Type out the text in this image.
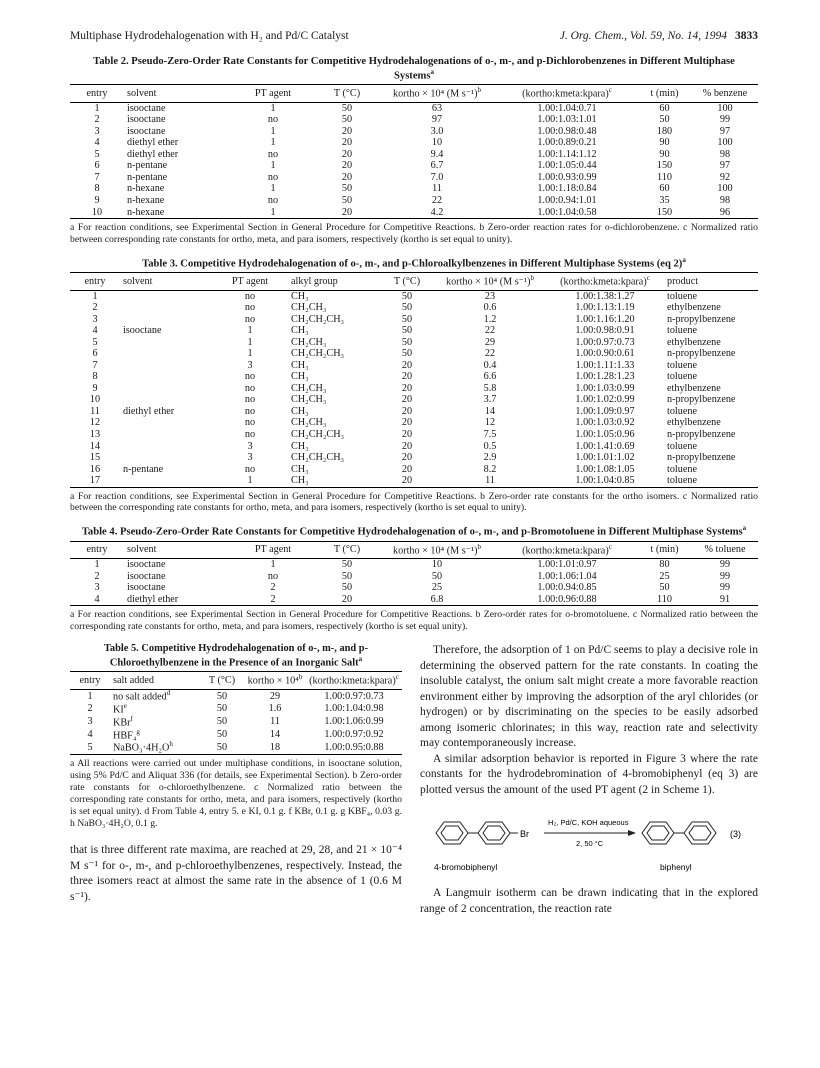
Multiphase Hydrodehalogenation with H₂ and Pd/C Catalyst	J. Org. Chem., Vol. 59, No. 14, 1994 3833
Table 2. Pseudo-Zero-Order Rate Constants for Competitive Hydrodehalogenations of o-, m-, and p-Dichlorobenzenes in Different Multiphase Systems$^a$
entry	solvent	PT agent	T (°C)	kortho × 10⁴ (M s⁻¹)$^b$	(kortho:kmeta:kpara)$^c$	t (min)	% benzene
1	isooctane	1	50	63	1.00:1.04:0.71	60	100
2	isooctane	no	50	97	1.00:1.03:1.01	50	99
3	isooctane	1	20	3.0	1.00:0.98:0.48	180	97
4	diethyl ether	1	20	10	1.00:0.89:0.21	90	100
5	diethyl ether	no	20	9.4	1.00:1.14:1.12	90	98
6	n-pentane	1	20	6.7	1.00:1.05:0.44	150	97
7	n-pentane	no	20	7.0	1.00:0.93:0.99	110	92
8	n-hexane	1	50	11	1.00:1.18:0.84	60	100
9	n-hexane	no	50	22	1.00:0.94:1.01	35	98
10	n-hexane	1	20	4.2	1.00:1.04:0.58	150	96
a For reaction conditions, see Experimental Section in General Procedure for Competitive Reactions. b Zero-order reaction rates for o-dichlorobenzene. c Normalized ratio between corresponding rate constants for ortho, meta, and para isomers, respectively (kortho is set equal to unity).
Table 3. Competitive Hydrodehalogenation of o-, m-, and p-Chloroalkylbenzenes in Different Multiphase Systems (eq 2)$^a$
entry	solvent	PT agent	alkyl group	T (°C)	kortho × 10⁴ (M s⁻¹)$^b$	(kortho:kmeta:kpara)$^c$	product
1		no	CH₃	50	23	1.00:1.38:1.27	toluene
2		no	CH₂CH₃	50	0.6	1.00:1.13:1.19	ethylbenzene
3		no	CH₂CH₂CH₃	50	1.2	1.00:1.16:1.20	n-propylbenzene
4	isooctane	1	CH₃	50	22	1.00:0.98:0.91	toluene
5		1	CH₂CH₃	50	29	1.00:0.97:0.73	ethylbenzene
6		1	CH₂CH₂CH₃	50	22	1.00:0.90:0.61	n-propylbenzene
7		3	CH₃	20	0.4	1.00:1.11:1.33	toluene
8		no	CH₃	20	6.6	1.00:1.28:1.23	toluene
9		no	CH₂CH₃	20	5.8	1.00:1.03:0.99	ethylbenzene
10		no	CH₂CH₃	20	3.7	1.00:1.02:0.99	n-propylbenzene
11	diethyl ether	no	CH₃	20	14	1.00:1.09:0.97	toluene
12		no	CH₂CH₃	20	12	1.00:1.03:0.92	ethylbenzene
13		no	CH₂CH₂CH₃	20	7.5	1.00:1.05:0.96	n-propylbenzene
14		3	CH₃	20	0.5	1.00:1.41:0.69	toluene
15		3	CH₂CH₂CH₃	20	2.9	1.00:1.01:1.02	n-propylbenzene
16	n-pentane	no	CH₃	20	8.2	1.00:1.08:1.05	toluene
17		1	CH₃	20	11	1.00:1.04:0.85	toluene
a For reaction conditions, see Experimental Section in General Procedure for Competitive Reactions. b Zero-order rate constants for the ortho isomers. c Normalized ratio between the corresponding rate constants for ortho, meta, and para isomers, respectively (kortho is set equal to unity).
Table 4. Pseudo-Zero-Order Rate Constants for Competitive Hydrodehalogenation of o-, m-, and p-Bromotoluene in Different Multiphase Systems$^a$
entry	solvent	PT agent	T (°C)	kortho × 10⁴ (M s⁻¹)$^b$	(kortho:kmeta:kpara)$^c$	t (min)	% toluene
1	isooctane	1	50	10	1.00:1.01:0.97	80	99
2	isooctane	no	50	50	1.00:1.06:1.04	25	99
3	isooctane	2	50	25	1.00:0.94:0.85	50	99
4	diethyl ether	2	20	6.8	1.00:0.96:0.88	110	91
a For reaction conditions, see Experimental Section in General Procedure for Competitive Reactions. b Zero-order rates for o-bromotoluene. c Normalized ratio between the corresponding rate constants for ortho, meta, and para isomers, respectively (kortho is set equal unity).
Table 5. Competitive Hydrodehalogenation of o-, m-, and p-Chloroethylbenzene in the Presence of an Inorganic Salt$^a$
entry	salt added	T (°C)	kortho × 10⁴$^b$	(kortho:kmeta:kpara)$^c$
1	no salt added$^d$	50	29	1.00:0.97:0.73
2	$KI^e$	50	1.6	1.00:1.04:0.98
3	KBr$^f$	50	11	1.00:1.06:0.99
4	HBF₄$^g$	50	14	1.00:0.97:0.92
5	$NaBO_3\cdot 4H_2O^h$	50	18	1.00:0.95:0.88
a All reactions were carried out under multiphase conditions, in isooctane solution, using 5% Pd/C and Aliquat 336 (for details, see Experimental Section). b Zero-order rate constants for o-chloroethylbenzene. c Normalized ratio between the corresponding rate constants for ortho, meta, and para isomers, respectively (kortho is set equal unity). d From Table 4, entry 5. e KI, 0.1 g. f KBr, 0.1 g. g KBF₄, 0.03 g. h NaBO₃·4H₂O, 0.1 g.

that is three different rate maxima, are reached at 29, 28, and 21 × 10⁻⁴ M s⁻¹ for o-, m-, and p-chloroethylbenzenes, respectively. Instead, the three isomers react at almost the same rate in the absence of 1 (0.6 M s⁻¹).

Therefore, the adsorption of 1 on Pd/C seems to play a decisive role in determining the observed pattern for the rate constants. In coating the insoluble catalyst, the onium salt might create a more favorable reaction environment either by improving the adsorption of the aryl chlorides (or hydrogen) or by discriminating on the species to be easily adsorbed among isomeric chlorinates; in this way, reaction rate and selectivity may contemporaneously increase.

A similar adsorption behavior is reported in Figure 3 where the rate constants for the hydrodebromination of 4-bromobiphenyl (eq 3) are plotted versus the amount of the used PT agent (2 in Scheme 1).

Br
H₂, Pd/C, KOH aqueous
2, 50 °C
(3)
4-bromobiphenyl	biphenyl

A Langmuir isotherm can be drawn indicating that in the explored range of 2 concentration, the reaction rate
